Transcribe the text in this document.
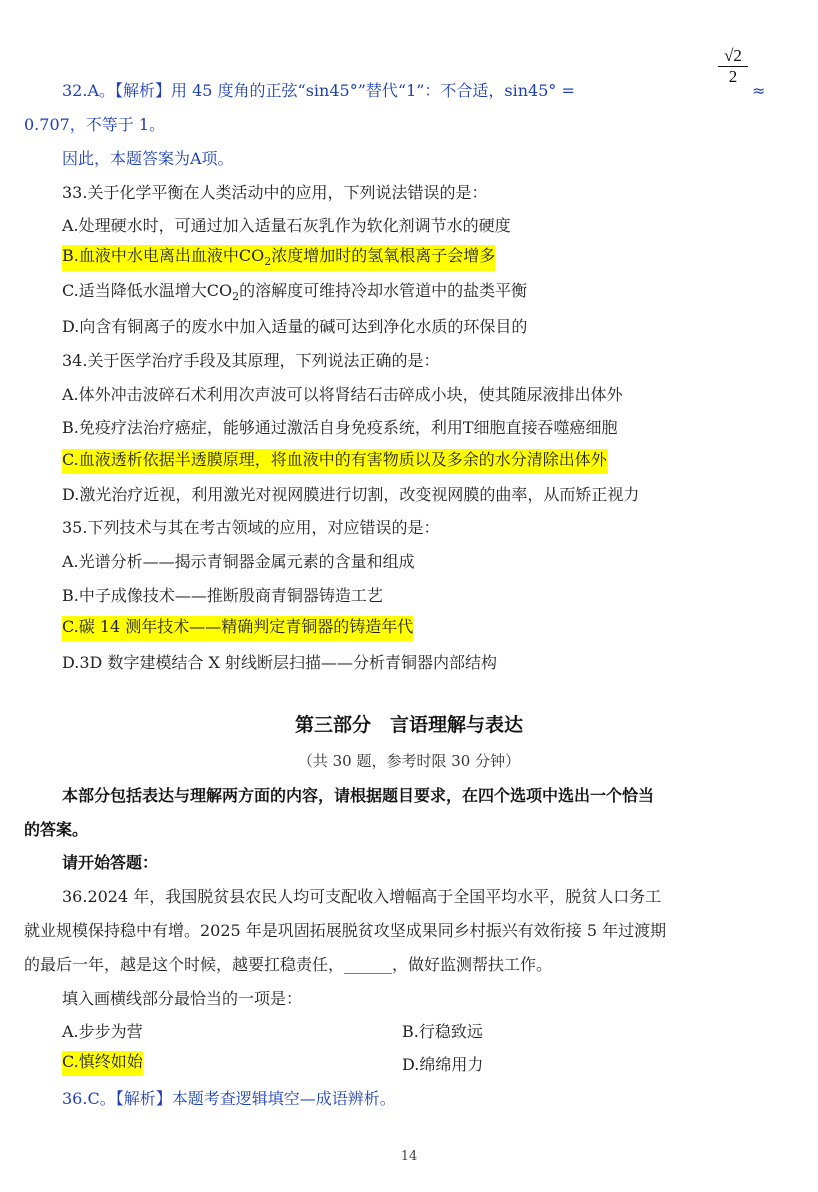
32.A。【解析】用 45 度角的正弦“sin45°”替代“1”：不合适，sin45° =
$\frac{√2}{2}$
≈
0.707，不等于 1。
因此，本题答案为A项。
33.关于化学平衡在人类活动中的应用，下列说法错误的是：
A.处理硬水时，可通过加入适量石灰乳作为软化剂调节水的硬度
B.血液中水电离出血液中$CO_2$浓度增加时的氢氧根离子会增多
C.适当降低水温增大$CO_2$的溶解度可维持冷却水管道中的盐类平衡
D.向含有铜离子的废水中加入适量的碱可达到净化水质的环保目的
34.关于医学治疗手段及其原理，下列说法正确的是：
A.体外冲击波碎石术利用次声波可以将肾结石击碎成小块，使其随尿液排出体外
B.免疫疗法治疗癌症，能够通过激活自身免疫系统，利用T细胞直接吞噬癌细胞
C.血液透析依据半透膜原理，将血液中的有害物质以及多余的水分清除出体外
D.激光治疗近视，利用激光对视网膜进行切割，改变视网膜的曲率，从而矫正视力
35.下列技术与其在考古领域的应用，对应错误的是：
A.光谱分析——揭示青铜器金属元素的含量和组成
B.中子成像技术——推断殷商青铜器铸造工艺
C.碳 14 测年技术——精确判定青铜器的铸造年代
D.3D 数字建模结合 X 射线断层扫描——分析青铜器内部结构
第三部分　言语理解与表达
（共 30 题，参考时限 30 分钟）
本部分包括表达与理解两方面的内容，请根据题目要求，在四个选项中选出一个恰当
的答案。
请开始答题：
36.2024 年，我国脱贫县农民人均可支配收入增幅高于全国平均水平，脱贫人口务工
就业规模保持稳中有增。2025 年是巩固拓展脱贫攻坚成果同乡村振兴有效衔接 5 年过渡期
的最后一年，越是这个时候，越要扛稳责任，______，做好监测帮扶工作。
填入画横线部分最恰当的一项是：
A.步步为营	B.行稳致远
C.慎终如始	D.绵绵用力
36.C。【解析】本题考查逻辑填空—成语辨析。
14
